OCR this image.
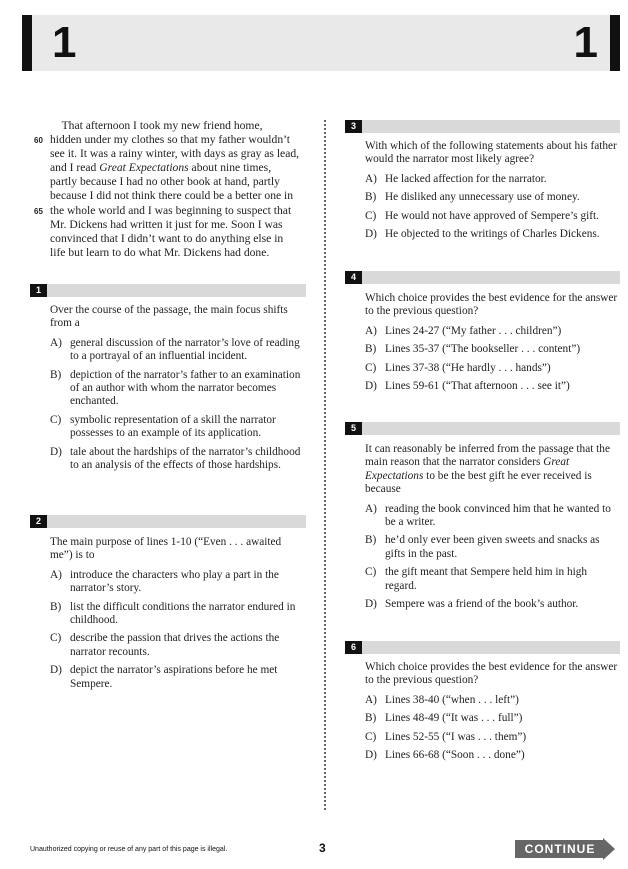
1	1
That afternoon I took my new friend home,
60 hidden under my clothes so that my father wouldn’t
see it. It was a rainy winter, with days as gray as lead,
and I read Great Expectations about nine times,
partly because I had no other book at hand, partly
because I did not think there could be a better one in
65 the whole world and I was beginning to suspect that
Mr. Dickens had written it just for me. Soon I was
convinced that I didn’t want to do anything else in
life but learn to do what Mr. Dickens had done.
1

Over the course of the passage, the main focus shifts from a

A) general discussion of the narrator’s love of reading to a portrayal of an influential incident.
B) depiction of the narrator’s father to an examination of an author with whom the narrator becomes enchanted.
C) symbolic representation of a skill the narrator possesses to an example of its application.
D) tale about the hardships of the narrator’s childhood to an analysis of the effects of those hardships.
2

The main purpose of lines 1-10 (“Even . . . awaited me”) is to

A) introduce the characters who play a part in the narrator’s story.
B) list the difficult conditions the narrator endured in childhood.
C) describe the passion that drives the actions the narrator recounts.
D) depict the narrator’s aspirations before he met Sempere.
3

With which of the following statements about his father would the narrator most likely agree?

A) He lacked affection for the narrator.
B) He disliked any unnecessary use of money.
C) He would not have approved of Sempere’s gift.
D) He objected to the writings of Charles Dickens.
4

Which choice provides the best evidence for the answer to the previous question?

A) Lines 24-27 (“My father . . . children”)
B) Lines 35-37 (“The bookseller . . . content”)
C) Lines 37-38 (“He hardly . . . hands”)
D) Lines 59-61 (“That afternoon . . . see it”)
5

It can reasonably be inferred from the passage that the main reason that the narrator considers Great Expectations to be the best gift he ever received is because

A) reading the book convinced him that he wanted to be a writer.
B) he’d only ever been given sweets and snacks as gifts in the past.
C) the gift meant that Sempere held him in high regard.
D) Sempere was a friend of the book’s author.
6

Which choice provides the best evidence for the answer to the previous question?

A) Lines 38-40 (“when . . . left”)
B) Lines 48-49 (“It was . . . full”)
C) Lines 52-55 (“I was . . . them”)
D) Lines 66-68 (“Soon . . . done”)
Unauthorized copying or reuse of any part of this page is illegal.	3	CONTINUE
